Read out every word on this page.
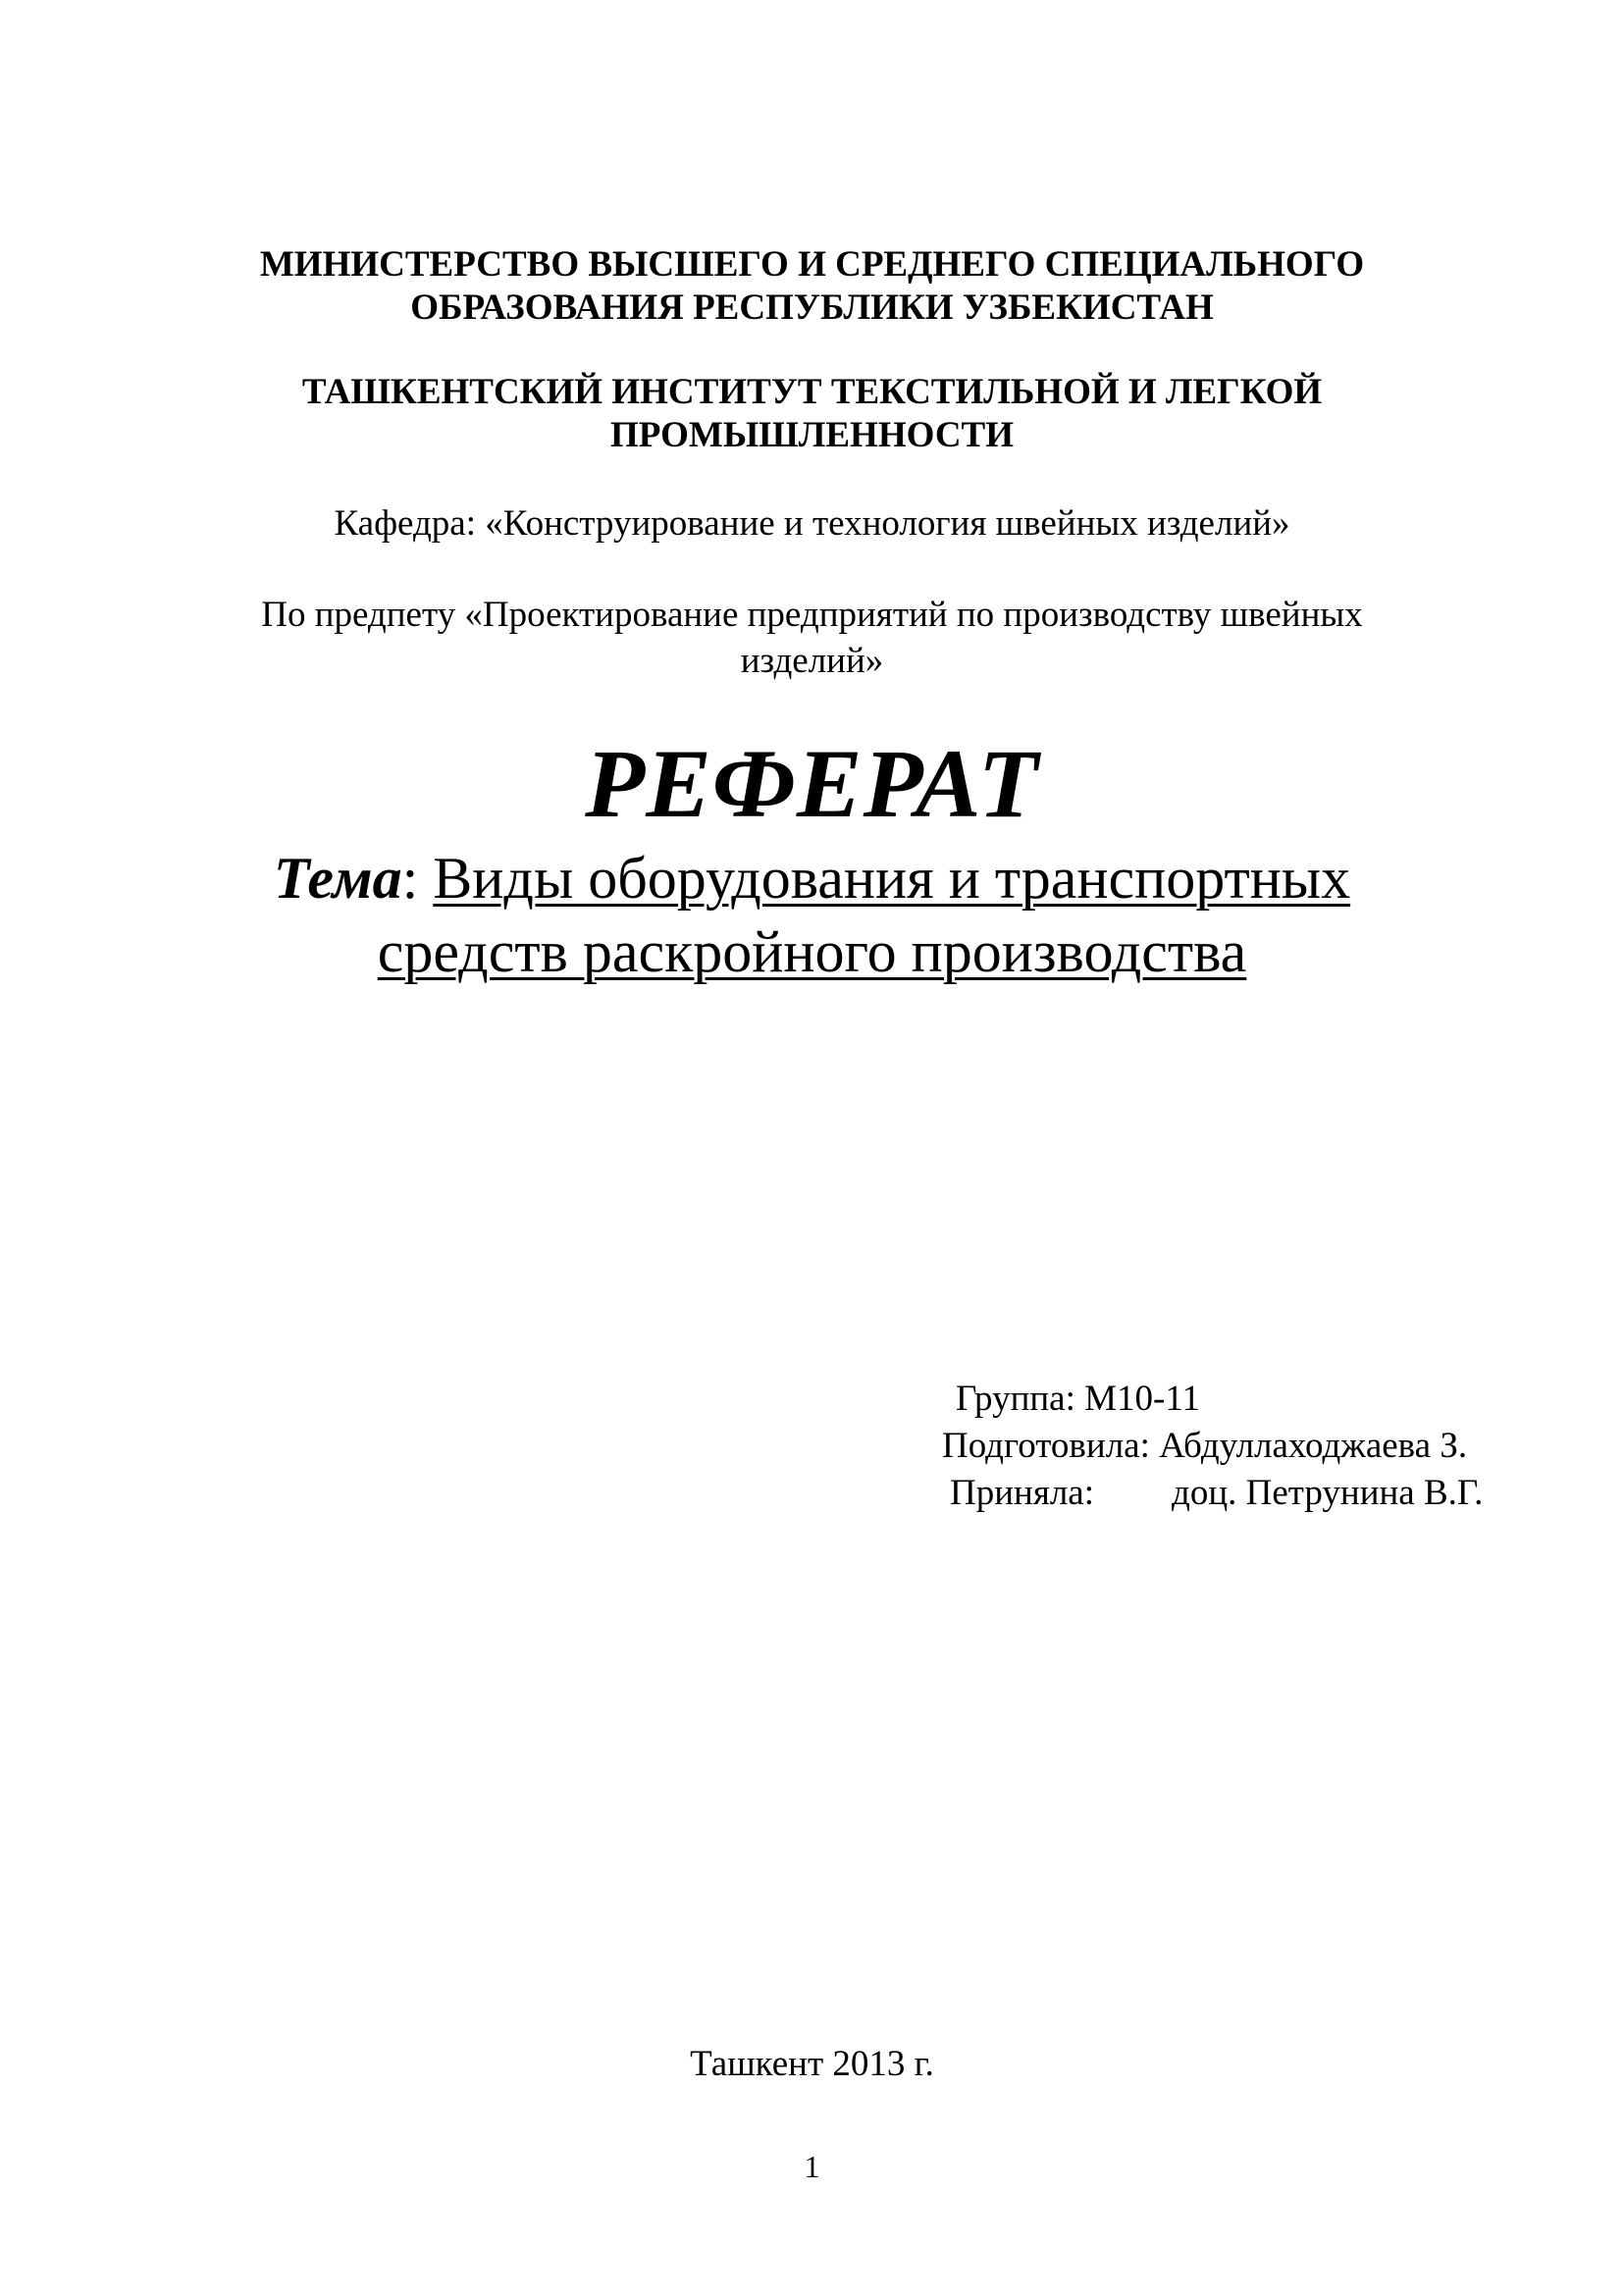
МИНИСТЕРСТВО ВЫСШЕГО И СРЕДНЕГО СПЕЦИАЛЬНОГО
ОБРАЗОВАНИЯ РЕСПУБЛИКИ УЗБЕКИСТАН
ТАШКЕНТСКИЙ ИНСТИТУТ ТЕКСТИЛЬНОЙ И ЛЕГКОЙ
ПРОМЫШЛЕННОСТИ
Кафедра: «Конструирование и технология швейных изделий»
По предпету «Проектирование предприятий по производству швейных
изделий»
РЕФЕРАТ
Тема: Виды оборудования и транспортных
средств раскройного производства
Группа: М10-11
Подготовила: Абдуллаходжаева З.
Приняла:	доц. Петрунина В.Г.
Ташкент 2013 г.
1
